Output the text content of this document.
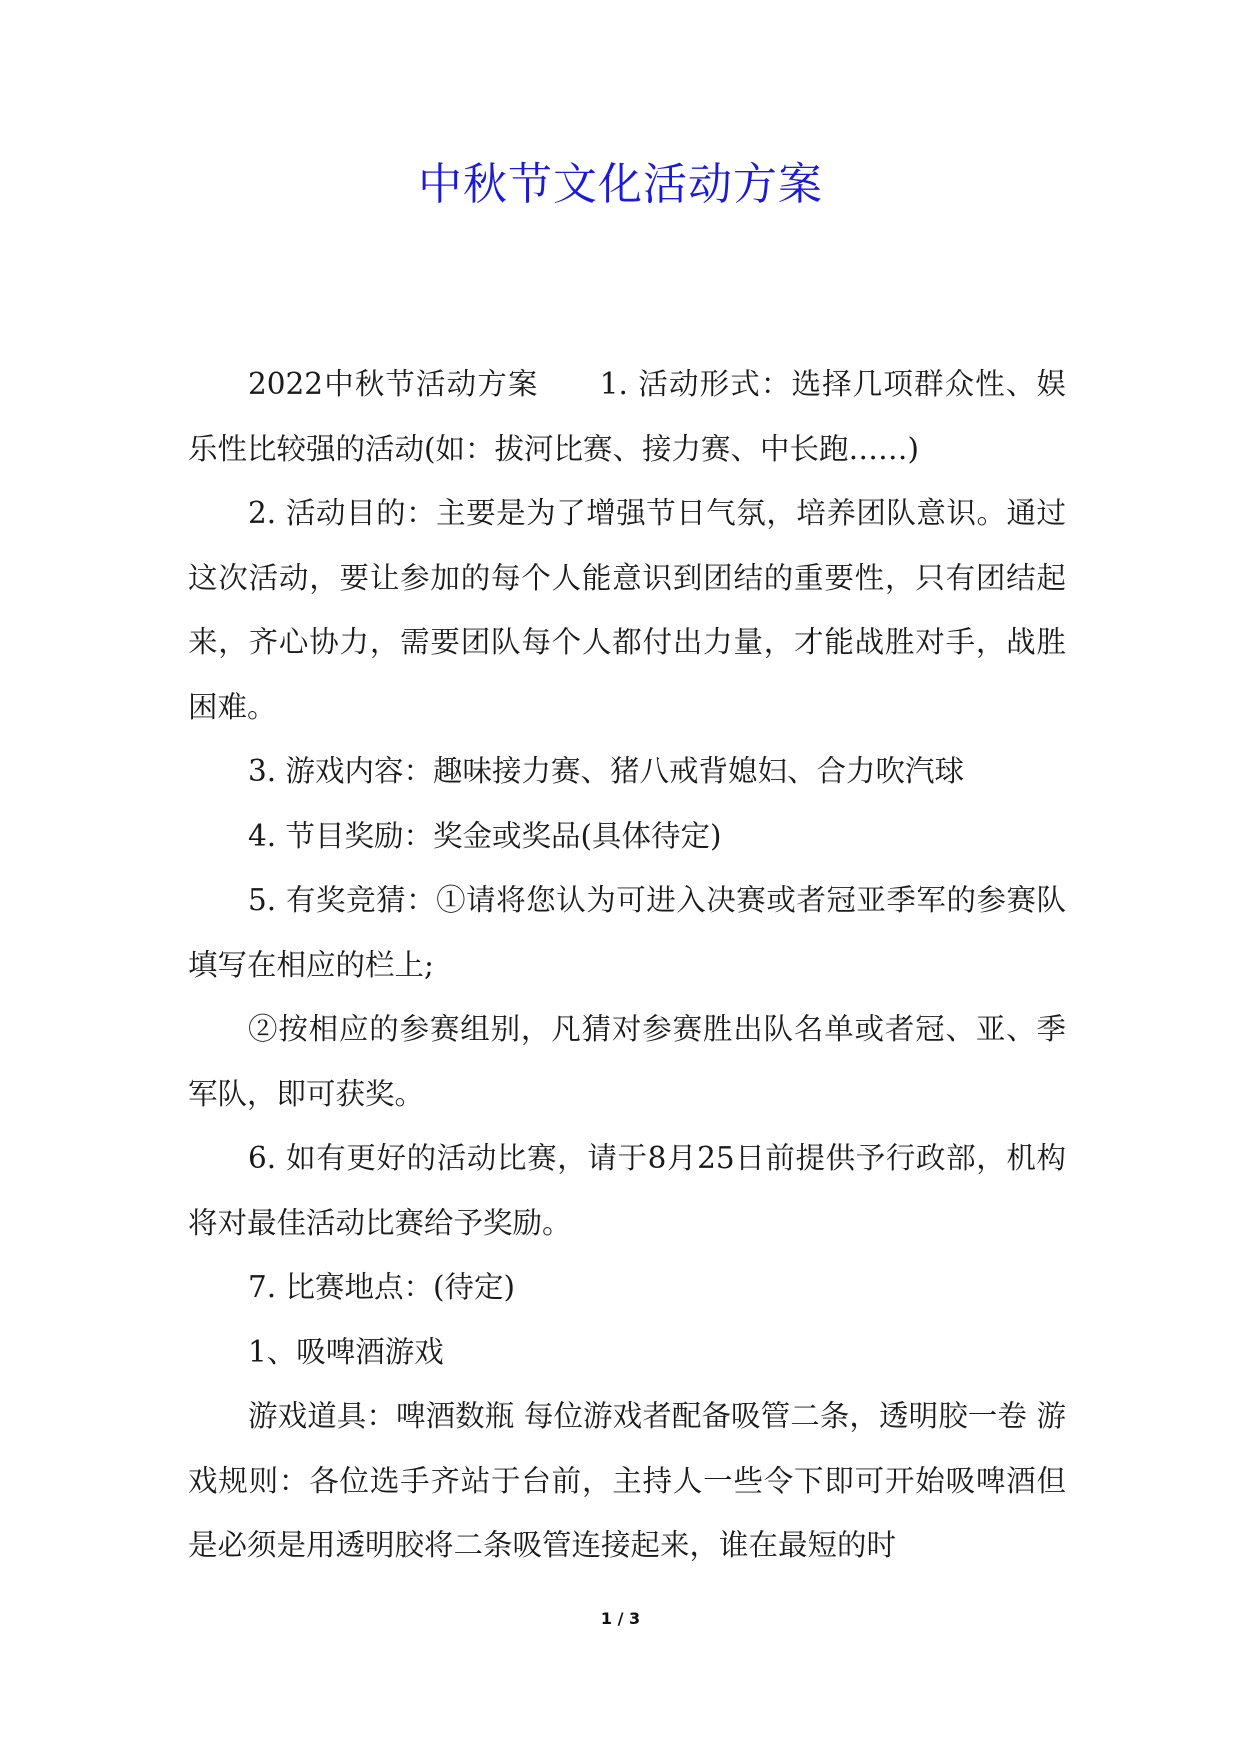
中秋节文化活动方案

2022中秋节活动方案　　1. 活动形式：选择几项群众性、娱乐性比较强的活动(如：拔河比赛、接力赛、中长跑……)

2. 活动目的：主要是为了增强节日气氛，培养团队意识。通过这次活动，要让参加的每个人能意识到团结的重要性，只有团结起来，齐心协力，需要团队每个人都付出力量，才能战胜对手，战胜困难。

3. 游戏内容：趣味接力赛、猪八戒背媳妇、合力吹汽球

4. 节目奖励：奖金或奖品(具体待定)

5. 有奖竞猜：①请将您认为可进入决赛或者冠亚季军的参赛队填写在相应的栏上;

②按相应的参赛组别，凡猜对参赛胜出队名单或者冠、亚、季军队，即可获奖。

6. 如有更好的活动比赛，请于8月25日前提供予行政部，机构将对最佳活动比赛给予奖励。

7. 比赛地点：(待定)

1、吸啤酒游戏

游戏道具：啤酒数瓶 每位游戏者配备吸管二条，透明胶一卷 游戏规则：各位选手齐站于台前，主持人一些令下即可开始吸啤酒但是必须是用透明胶将二条吸管连接起来，谁在最短的时

1 / 3
